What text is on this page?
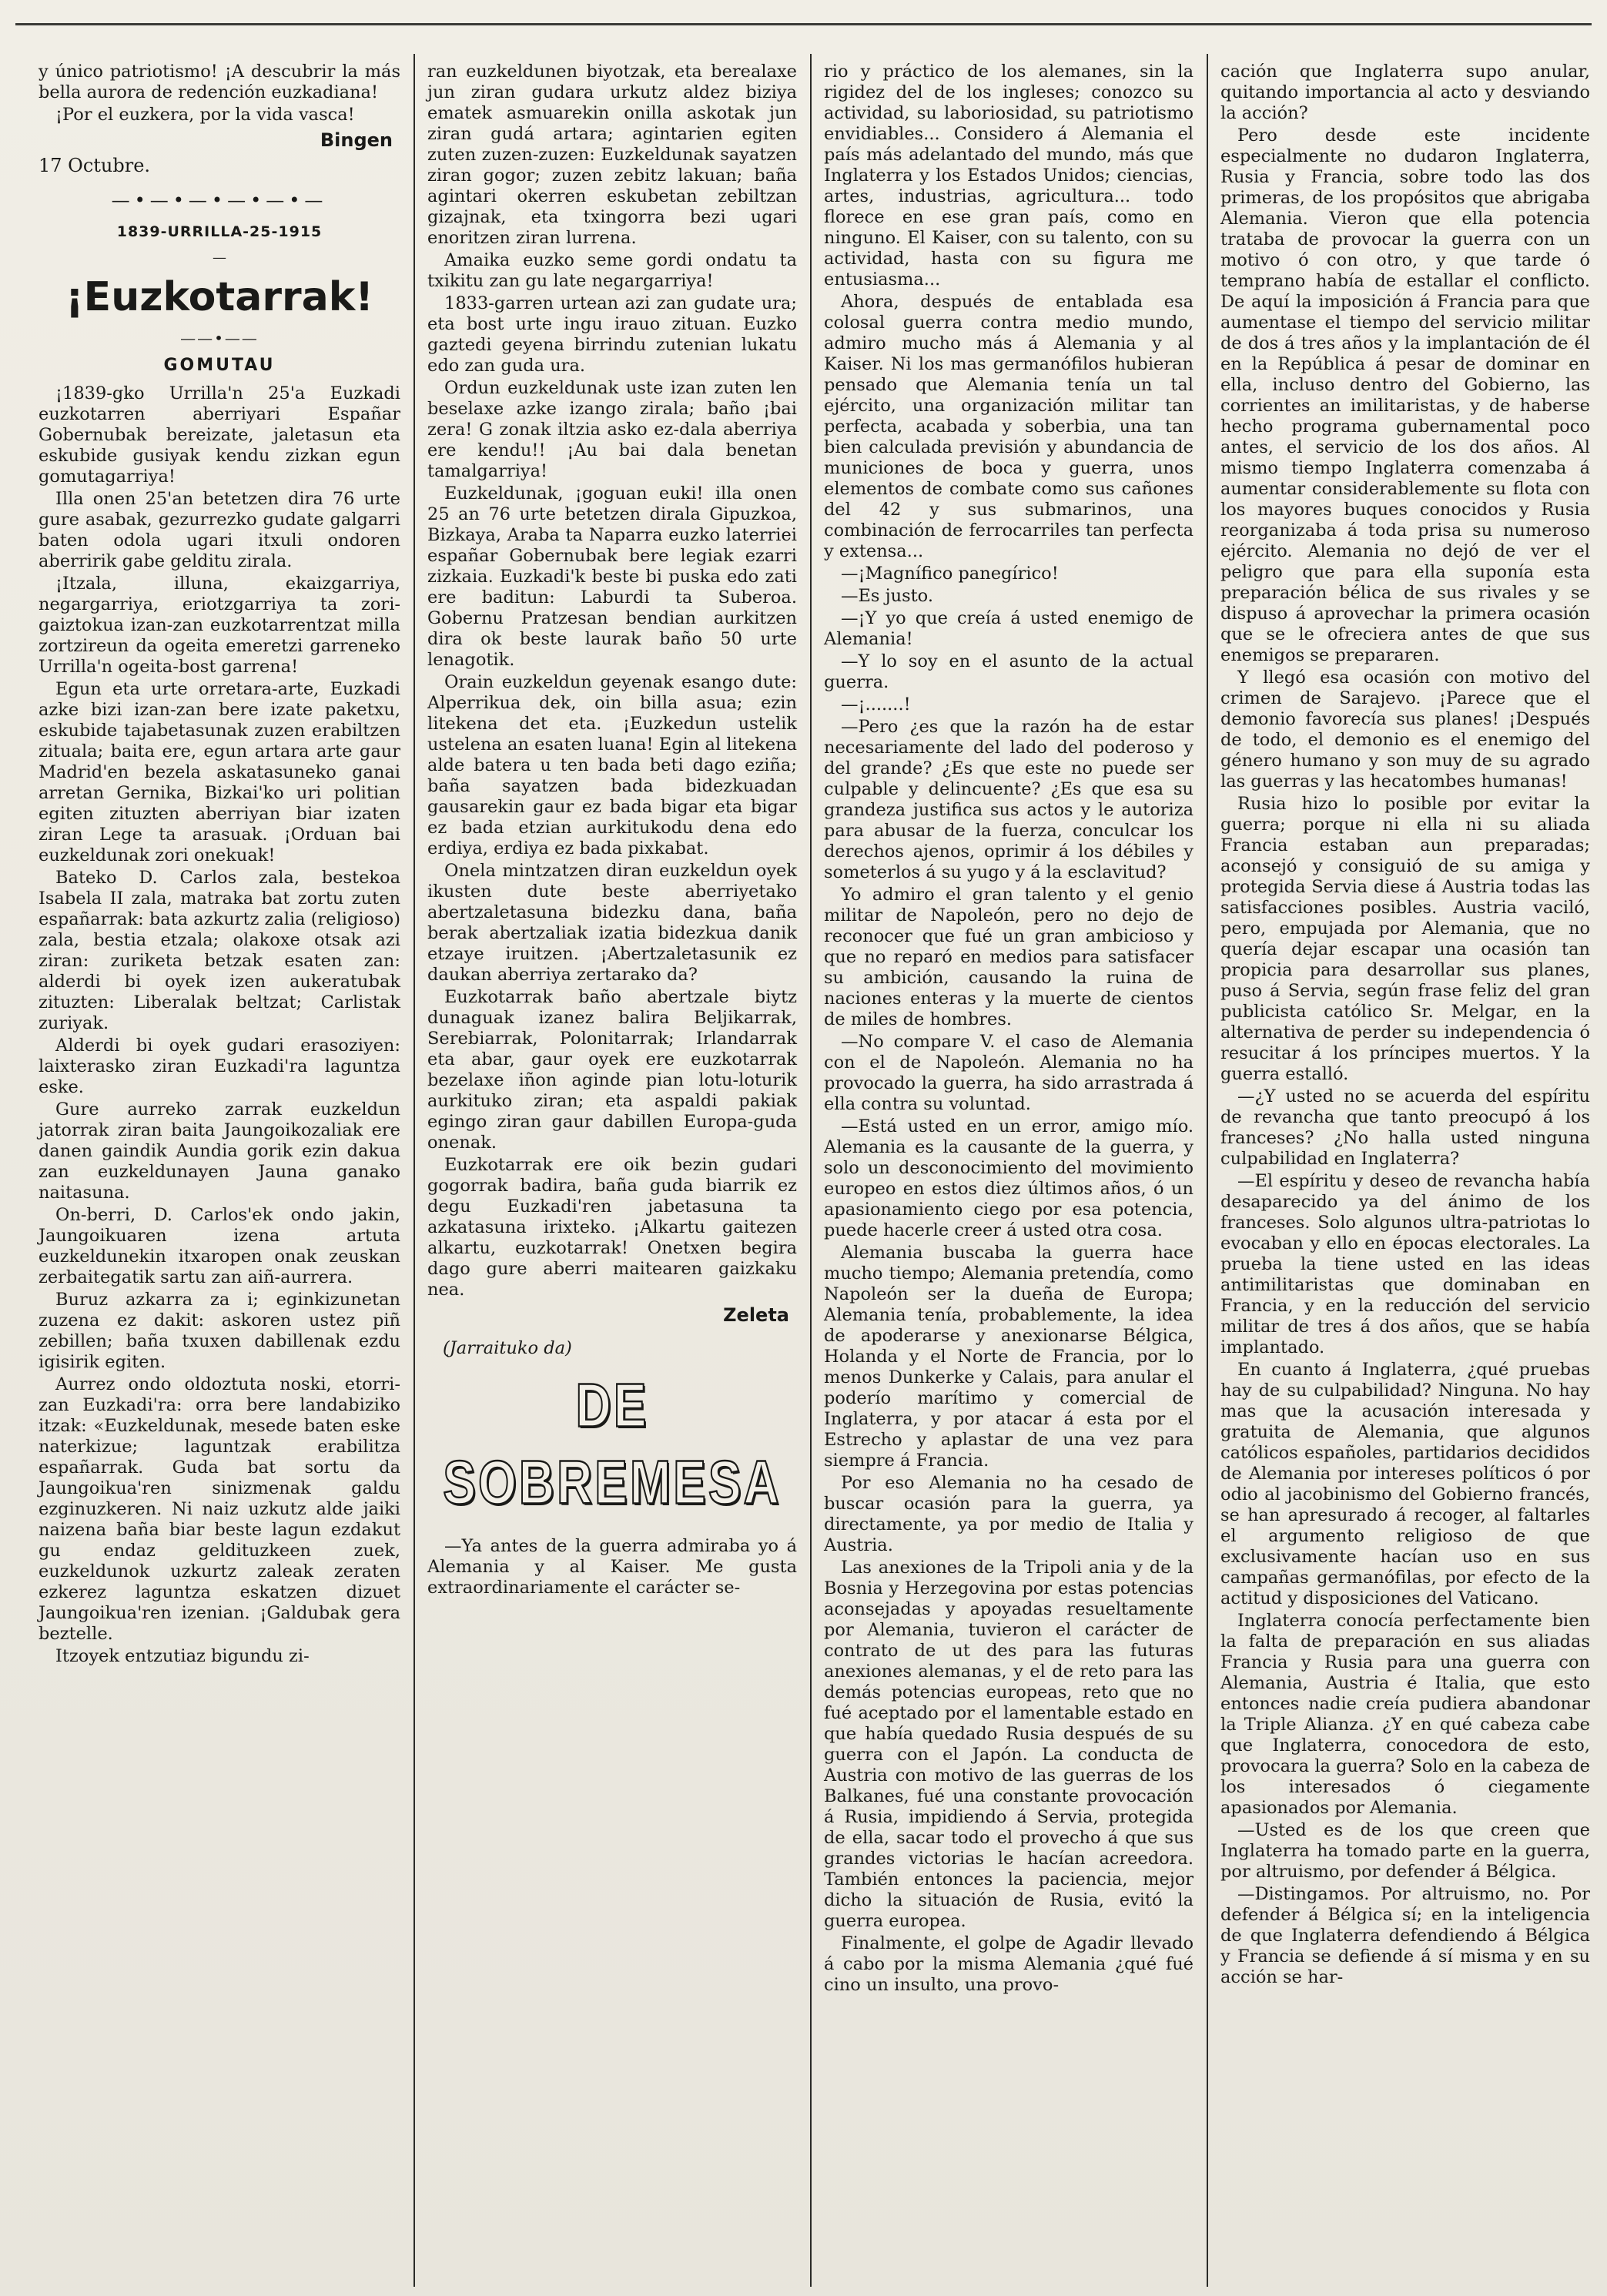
y único patriotismo! ¡A descubrir la más bella aurora de redención euzkadiana!

¡Por el euzkera, por la vida vasca!

Bingen
17 Octubre.
—•—•—•—•—•—
1839-URRILLA-25-1915
—
¡Euzkotarrak!
——•——
GOMUTAU

¡1839-gko Urrilla'n 25'a Euzkadi euzkotarren aberriyari Españar Gobernubak bereizate, jaletasun eta eskubide gusiyak kendu zizkan egun gomutagarriya!

Illa onen 25'an betetzen dira 76 urte gure asabak, gezurrezko gudate galgarri baten odola ugari itxuli ondoren aberririk gabe gelditu zirala.

¡Itzala, illuna, ekaizgarriya, negargarriya, eriotzgarriya ta zori-gaiztokua izan-zan euzkotarrentzat milla zortzireun da ogeita emeretzi garreneko Urrilla'n ogeita-bost garrena!

Egun eta urte orretara-arte, Euzkadi azke bizi izan-zan bere izate paketxu, eskubide tajabetasunak zuzen erabiltzen zituala; baita ere, egun artara arte gaur Madrid'en bezela askatasuneko ganai arretan Gernika, Bizkai'ko uri politian egiten zituzten aberriyan biar izaten ziran Lege ta arasuak. ¡Orduan bai euzkeldunak zori onekuak!

Bateko D. Carlos zala, bestekoa Isabela II zala, matraka bat zortu zuten españarrak: bata azkurtz zalia (religioso) zala, bestia etzala; olakoxe otsak azi ziran: zuriketa betzak esaten zan: alderdi bi oyek izen aukeratubak zituzten: Liberalak beltzat; Carlistak zuriyak.

Alderdi bi oyek gudari erasoziyen: laixterasko ziran Euzkadi'ra laguntza eske.

Gure aurreko zarrak euzkeldun jatorrak ziran baita Jaungoikozaliak ere danen gaindik Aundia gorik ezin dakua zan euzkeldunayen Jauna ganako naitasuna.

On-berri, D. Carlos'ek ondo jakin, Jaungoikuaren izena artuta euzkeldunekin itxaropen onak zeuskan zerbaitegatik sartu zan aiñ-aurrera.

Buruz azkarra za i; eginkizunetan zuzena ez dakit: askoren ustez piñ zebillen; baña txuxen dabillenak ezdu igisirik egiten.

Aurrez ondo oldoztuta noski, etorri-zan Euzkadi'ra: orra bere landabiziko itzak: «Euzkeldunak, mesede baten eske naterkizue; laguntzak erabilitza españarrak. Guda bat sortu da Jaungoikua'ren sinizmenak galdu ezginuzkeren. Ni naiz uzkutz alde jaiki naizena baña biar beste lagun ezdakut gu endaz geldituzkeen zuek, euzkeldunok uzkurtz zaleak zeraten ezkerez laguntza eskatzen dizuet Jaungoikua'ren izenian. ¡Galdubak gera beztelle.

Itzoyek entzutiaz bigundu zi-

ran euzkeldunen biyotzak, eta berealaxe jun ziran gudara urkutz aldez biziya ematek asmuarekin onilla askotak jun ziran gudá artara; agintarien egiten zuten zuzen-zuzen: Euzkeldunak sayatzen ziran gogor; zuzen zebitz lakuan; baña agintari okerren eskubetan zebiltzan gizajnak, eta txingorra bezi ugari enoritzen ziran lurrena.

Amaika euzko seme gordi ondatu ta txikitu zan gu late negargarriya!

1833-garren urtean azi zan gudate ura; eta bost urte ingu irauo zituan. Euzko gaztedi geyena birrindu zutenian lukatu edo zan guda ura.

Ordun euzkeldunak uste izan zuten len beselaxe azke izango zirala; baño ¡bai zera! G zonak iltzia asko ez-dala aberriya ere kendu!! ¡Au bai dala benetan tamalgarriya!

Euzkeldunak, ¡goguan euki! illa onen 25 an 76 urte betetzen dirala Gipuzkoa, Bizkaya, Araba ta Naparra euzko laterriei españar Gobernubak bere legiak ezarri zizkaia. Euzkadi'k beste bi puska edo zati ere baditun: Laburdi ta Suberoa. Gobernu Pratzesan bendian aurkitzen dira ok beste laurak baño 50 urte lenagotik.

Orain euzkeldun geyenak esango dute: Alperrikua dek, oin billa asua; ezin litekena det eta. ¡Euzkedun ustelik ustelena an esaten luana! Egin al litekena alde batera u ten bada beti dago eziña; baña sayatzen bada bidezkuadan gausarekin gaur ez bada bigar eta bigar ez bada etzian aurkitukodu dena edo erdiya, erdiya ez bada pixkabat.

Onela mintzatzen diran euzkeldun oyek ikusten dute beste aberriyetako abertzaletasuna bidezku dana, baña berak abertzaliak izatia bidezkua danik etzaye iruitzen. ¡Abertzaletasunik ez daukan aberriya zertarako da?

Euzkotarrak baño abertzale biytz dunaguak izanez balira Beljikarrak, Serebiarrak, Polonitarrak; Irlandarrak eta abar, gaur oyek ere euzkotarrak bezelaxe iñon aginde pian lotu-loturik aurkituko ziran; eta aspaldi pakiak egingo ziran gaur dabillen Europa-guda onenak.

Euzkotarrak ere oik bezin gudari gogorrak badira, baña guda biarrik ez degu Euzkadi'ren jabetasuna ta azkatasuna irixteko. ¡Alkartu gaitezen alkartu, euzkotarrak! Onetxen begira dago gure aberri maitearen gaizkaku nea.

Zeleta
(Jarraituko da)
DE SOBREMESA

—Ya antes de la guerra admiraba yo á Alemania y al Kaiser. Me gusta extraordinariamente el carácter se-

rio y práctico de los alemanes, sin la rigidez del de los ingleses; conozco su actividad, su laboriosidad, su patriotismo envidiables... Considero á Alemania el país más adelantado del mundo, más que Inglaterra y los Estados Unidos; ciencias, artes, industrias, agricultura... todo florece en ese gran país, como en ninguno. El Kaiser, con su talento, con su actividad, hasta con su figura me entusiasma...

Ahora, después de entablada esa colosal guerra contra medio mundo, admiro mucho más á Alemania y al Kaiser. Ni los mas germanófilos hubieran pensado que Alemania tenía un tal ejército, una organización militar tan perfecta, acabada y soberbia, una tan bien calculada previsión y abundancia de municiones de boca y guerra, unos elementos de combate como sus cañones del 42 y sus submarinos, una combinación de ferrocarriles tan perfecta y extensa...

—¡Magnífico panegírico!

—Es justo.

—¡Y yo que creía á usted enemigo de Alemania!

—Y lo soy en el asunto de la actual guerra.

—¡.......!

—Pero ¿es que la razón ha de estar necesariamente del lado del poderoso y del grande? ¿Es que este no puede ser culpable y delincuente? ¿Es que esa su grandeza justifica sus actos y le autoriza para abusar de la fuerza, conculcar los derechos ajenos, oprimir á los débiles y someterlos á su yugo y á la esclavitud?

Yo admiro el gran talento y el genio militar de Napoleón, pero no dejo de reconocer que fué un gran ambicioso y que no reparó en medios para satisfacer su ambición, causando la ruina de naciones enteras y la muerte de cientos de miles de hombres.

—No compare V. el caso de Alemania con el de Napoleón. Alemania no ha provocado la guerra, ha sido arrastrada á ella contra su voluntad.

—Está usted en un error, amigo mío. Alemania es la causante de la guerra, y solo un desconocimiento del movimiento europeo en estos diez últimos años, ó un apasionamiento ciego por esa potencia, puede hacerle creer á usted otra cosa.

Alemania buscaba la guerra hace mucho tiempo; Alemania pretendía, como Napoleón ser la dueña de Europa; Alemania tenía, probablemente, la idea de apoderarse y anexionarse Bélgica, Holanda y el Norte de Francia, por lo menos Dunkerke y Calais, para anular el poderío marítimo y comercial de Inglaterra, y por atacar á esta por el Estrecho y aplastar de una vez para siempre á Francia.

Por eso Alemania no ha cesado de buscar ocasión para la guerra, ya directamente, ya por medio de Italia y Austria.

Las anexiones de la Tripoli ania y de la Bosnia y Herzegovina por estas potencias aconsejadas y apoyadas resueltamente por Alemania, tuvieron el carácter de contrato de ut des para las futuras anexiones alemanas, y el de reto para las demás potencias europeas, reto que no fué aceptado por el lamentable estado en que había quedado Rusia después de su guerra con el Japón. La conducta de Austria con motivo de las guerras de los Balkanes, fué una constante provocación á Rusia, impidiendo á Servia, protegida de ella, sacar todo el provecho á que sus grandes victorias le hacían acreedora. También entonces la paciencia, mejor dicho la situación de Rusia, evitó la guerra europea.

Finalmente, el golpe de Agadir llevado á cabo por la misma Alemania ¿qué fué cino un insulto, una provo-

cación que Inglaterra supo anular, quitando importancia al acto y desviando la acción?

Pero desde este incidente especialmente no dudaron Inglaterra, Rusia y Francia, sobre todo las dos primeras, de los propósitos que abrigaba Alemania. Vieron que ella potencia trataba de provocar la guerra con un motivo ó con otro, y que tarde ó temprano había de estallar el conflicto. De aquí la imposición á Francia para que aumentase el tiempo del servicio militar de dos á tres años y la implantación de él en la República á pesar de dominar en ella, incluso dentro del Gobierno, las corrientes an imilitaristas, y de haberse hecho programa gubernamental poco antes, el servicio de los dos años. Al mismo tiempo Inglaterra comenzaba á aumentar considerablemente su flota con los mayores buques conocidos y Rusia reorganizaba á toda prisa su numeroso ejército. Alemania no dejó de ver el peligro que para ella suponía esta preparación bélica de sus rivales y se dispuso á aprovechar la primera ocasión que se le ofreciera antes de que sus enemigos se prepararen.

Y llegó esa ocasión con motivo del crimen de Sarajevo. ¡Parece que el demonio favorecía sus planes! ¡Después de todo, el demonio es el enemigo del género humano y son muy de su agrado las guerras y las hecatombes humanas!

Rusia hizo lo posible por evitar la guerra; porque ni ella ni su aliada Francia estaban aun preparadas; aconsejó y consiguió de su amiga y protegida Servia diese á Austria todas las satisfacciones posibles. Austria vaciló, pero, empujada por Alemania, que no quería dejar escapar una ocasión tan propicia para desarrollar sus planes, puso á Servia, según frase feliz del gran publicista católico Sr. Melgar, en la alternativa de perder su independencia ó resucitar á los príncipes muertos. Y la guerra estalló.

—¿Y usted no se acuerda del espíritu de revancha que tanto preocupó á los franceses? ¿No halla usted ninguna culpabilidad en Inglaterra?

—El espíritu y deseo de revancha había desaparecido ya del ánimo de los franceses. Solo algunos ultra-patriotas lo evocaban y ello en épocas electorales. La prueba la tiene usted en las ideas antimilitaristas que dominaban en Francia, y en la reducción del servicio militar de tres á dos años, que se había implantado.

En cuanto á Inglaterra, ¿qué pruebas hay de su culpabilidad? Ninguna. No hay mas que la acusación interesada y gratuita de Alemania, que algunos católicos españoles, partidarios decididos de Alemania por intereses políticos ó por odio al jacobinismo del Gobierno francés, se han apresurado á recoger, al faltarles el argumento religioso de que exclusivamente hacían uso en sus campañas germanófilas, por efecto de la actitud y disposiciones del Vaticano.

Inglaterra conocía perfectamente bien la falta de preparación en sus aliadas Francia y Rusia para una guerra con Alemania, Austria é Italia, que esto entonces nadie creía pudiera abandonar la Triple Alianza. ¿Y en qué cabeza cabe que Inglaterra, conocedora de esto, provocara la guerra? Solo en la cabeza de los interesados ó ciegamente apasionados por Alemania.

—Usted es de los que creen que Inglaterra ha tomado parte en la guerra, por altruismo, por defender á Bélgica.

—Distingamos. Por altruismo, no. Por defender á Bélgica sí; en la inteligencia de que Inglaterra defendiendo á Bélgica y Francia se defiende á sí misma y en su acción se har-
